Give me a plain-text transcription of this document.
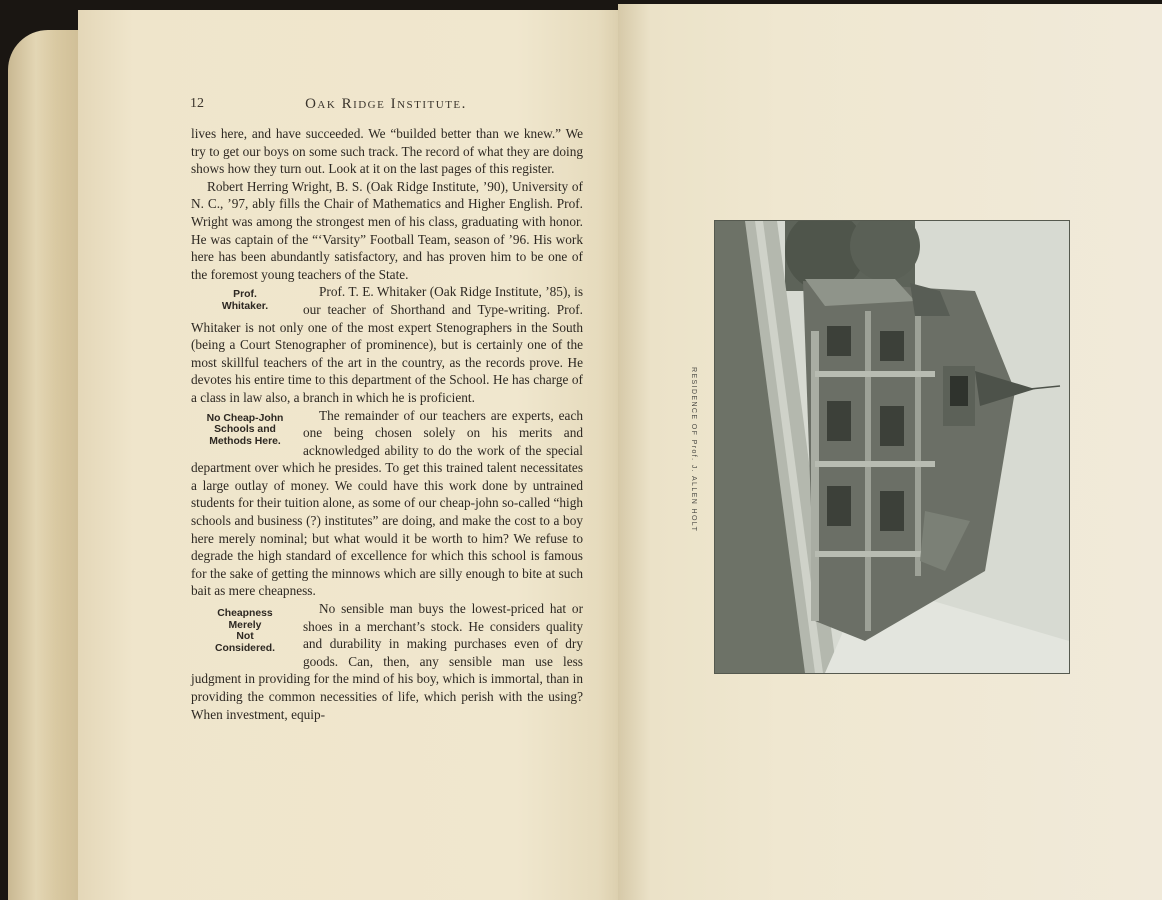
12	Oak Ridge Institute.

lives here, and have succeeded. We “builded better than we knew.” We try to get our boys on some such track. The record of what they are doing shows how they turn out. Look at it on the last pages of this register.

Robert Herring Wright, B. S. (Oak Ridge Institute, ’90), University of N. C., ’97, ably fills the Chair of Mathematics and Higher English. Prof. Wright was among the strongest men of his class, graduating with honor. He was captain of the “‘Varsity” Football Team, season of ’96. His work here has been abundantly satisfactory, and has proven him to be one of the foremost young teachers of the State.

Prof.
Whitaker.

Prof. T. E. Whitaker (Oak Ridge Institute, ’85), is our teacher of Shorthand and Type-writing. Prof. Whitaker is not only one of the most expert Stenographers in the South (being a Court Stenographer of prominence), but is certainly one of the most skillful teachers of the art in the country, as the records prove. He devotes his entire time to this department of the School. He has charge of a class in law also, a branch in which he is proficient.

No Cheap-John
Schools and
Methods Here.

The remainder of our teachers are experts, each one being chosen solely on his merits and acknowledged ability to do the work of the special department over which he presides. To get this trained talent necessitates a large outlay of money. We could have this work done by untrained students for their tuition alone, as some of our cheap-john so-called “high schools and business (?) institutes” are doing, and make the cost to a boy here merely nominal; but what would it be worth to him? We refuse to degrade the high standard of excellence for which this school is famous for the sake of getting the minnows which are silly enough to bite at such bait as mere cheapness.

Cheapness
Merely
Not
Considered.

No sensible man buys the lowest-priced hat or shoes in a merchant’s stock. He considers quality and durability in making purchases even of dry goods. Can, then, any sensible man use less judgment in providing for the mind of his boy, which is immortal, than in providing the common necessities of life, which perish with the using? When investment, equip-

RESIDENCE OF Prof. J. ALLEN HOLT
